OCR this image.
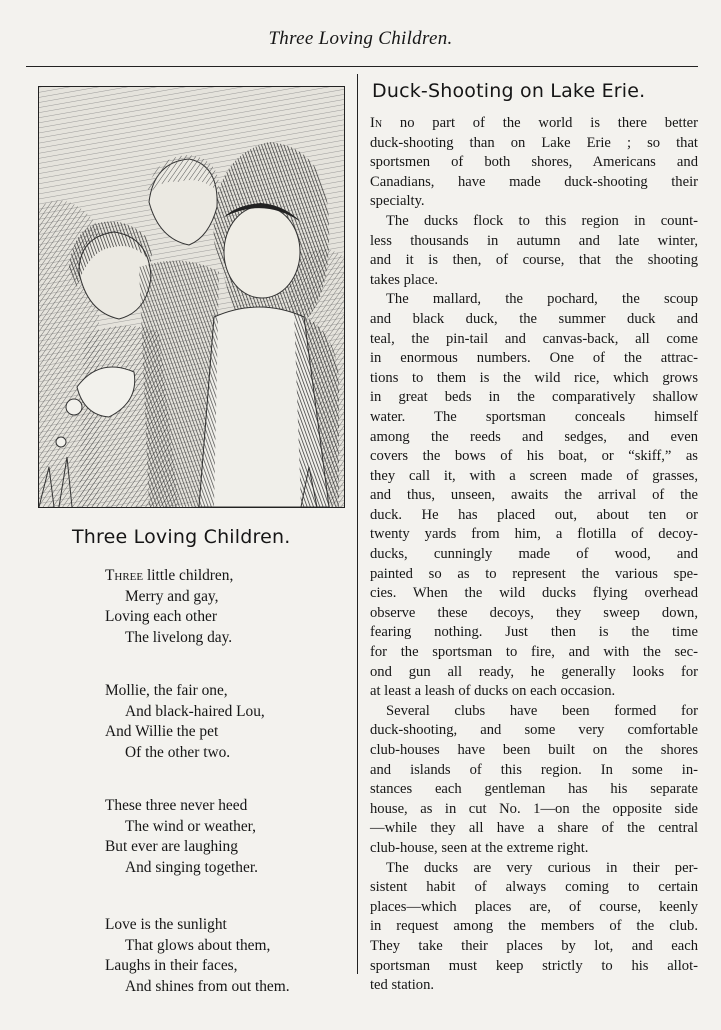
Three Loving Children.
Three Loving Children.
Three little children,
Merry and gay,
Loving each other
The livelong day.
Mollie, the fair one,
And black-haired Lou,
And Willie the pet
Of the other two.
These three never heed
The wind or weather,
But ever are laughing
And singing together.
Love is the sunlight
That glows about them,
Laughs in their faces,
And shines from out them.
Duck-Shooting on Lake Erie.
In no part of the world is there better
duck-shooting than on Lake Erie ; so that
sportsmen of both shores, Americans and
Canadians, have made duck-shooting their
specialty.
The ducks flock to this region in count-
less thousands in autumn and late winter,
and it is then, of course, that the shooting
takes place.
The mallard, the pochard, the scoup
and black duck, the summer duck and
teal, the pin-tail and canvas-back, all come
in enormous numbers. One of the attrac-
tions to them is the wild rice, which grows
in great beds in the comparatively shallow
water. The sportsman conceals himself
among the reeds and sedges, and even
covers the bows of his boat, or “skiff,” as
they call it, with a screen made of grasses,
and thus, unseen, awaits the arrival of the
duck. He has placed out, about ten or
twenty yards from him, a flotilla of decoy-
ducks, cunningly made of wood, and
painted so as to represent the various spe-
cies. When the wild ducks flying overhead
observe these decoys, they sweep down,
fearing nothing. Just then is the time
for the sportsman to fire, and with the sec-
ond gun all ready, he generally looks for
at least a leash of ducks on each occasion.
Several clubs have been formed for
duck-shooting, and some very comfortable
club-houses have been built on the shores
and islands of this region. In some in-
stances each gentleman has his separate
house, as in cut No. 1—on the opposite side
—while they all have a share of the central
club-house, seen at the extreme right.
The ducks are very curious in their per-
sistent habit of always coming to certain
places—which places are, of course, keenly
in request among the members of the club.
They take their places by lot, and each
sportsman must keep strictly to his allot-
ted station.
